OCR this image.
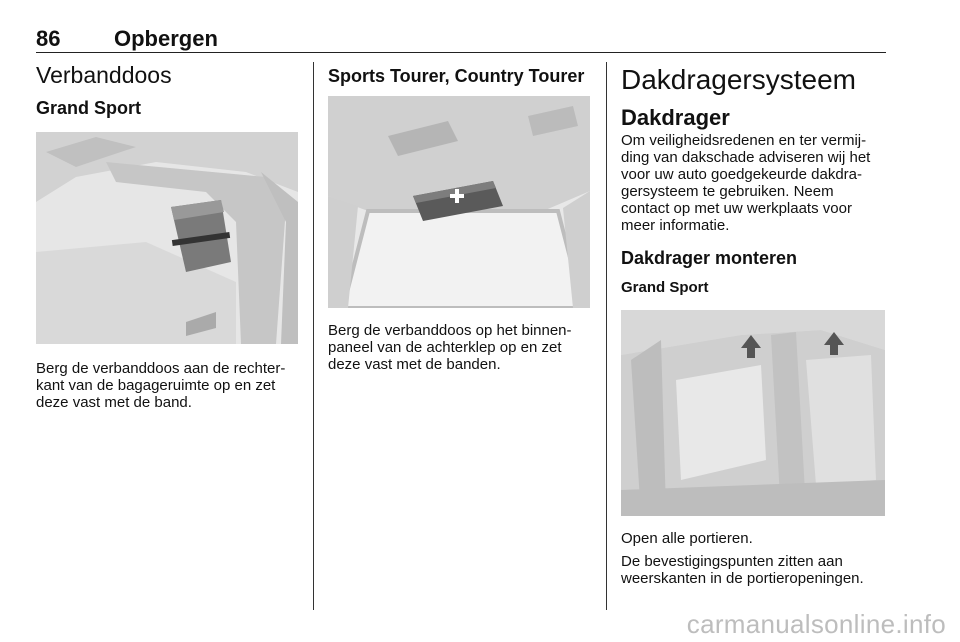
86 Opbergen
Verbanddoos
Grand Sport

Berg de verbanddoos aan de rechter-kant van de bagageruimte op en zet deze vast met de band.

Sports Tourer, Country Tourer

Berg de verbanddoos op het binnen-paneel van de achterklep op en zet deze vast met de banden.

Dakdragersysteem
Dakdrager

Om veiligheidsredenen en ter vermij-ding van dakschade adviseren wij het voor uw auto goedgekeurde dakdra-gersysteem te gebruiken. Neem contact op met uw werkplaats voor meer informatie.

Dakdrager monteren
Grand Sport

Open alle portieren.

De bevestigingspunten zitten aan weerskanten in de portieropeningen.

carmanualsonline.info
